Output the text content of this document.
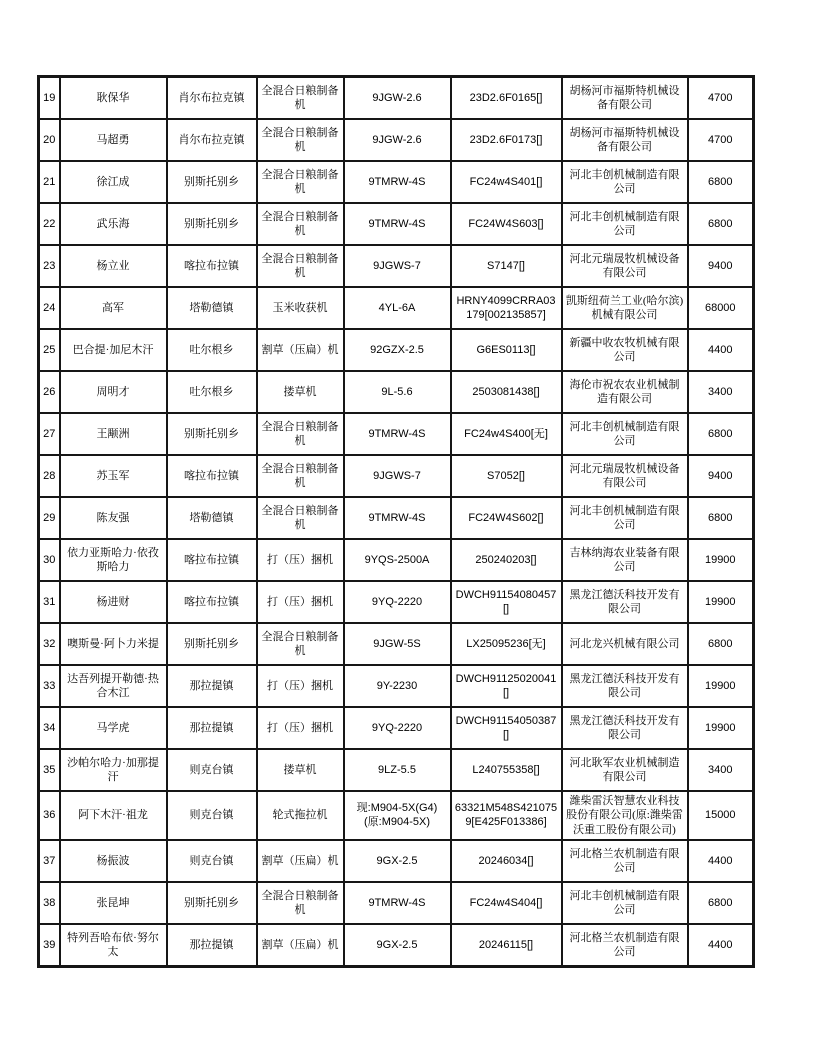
19	耿保华	肖尔布拉克镇	全混合日粮制备机	9JGW-2.6	23D2.6F0165[]	胡杨河市福斯特机械设备有限公司	4700
20	马超勇	肖尔布拉克镇	全混合日粮制备机	9JGW-2.6	23D2.6F0173[]	胡杨河市福斯特机械设备有限公司	4700
21	徐江成	别斯托别乡	全混合日粮制备机	9TMRW-4S	FC24w4S401[]	河北丰创机械制造有限公司	6800
22	武乐海	别斯托别乡	全混合日粮制备机	9TMRW-4S	FC24W4S603[]	河北丰创机械制造有限公司	6800
23	杨立业	喀拉布拉镇	全混合日粮制备机	9JGWS-7	S7147[]	河北元瑞晟牧机械设备有限公司	9400
24	高军	塔勒德镇	玉米收获机	4YL-6A	HRNY4099CRRA03179[002135857]	凯斯纽荷兰工业(哈尔滨)机械有限公司	68000
25	巴合提·加尼木汗	吐尔根乡	割草（压扁）机	92GZX-2.5	G6ES0113[]	新疆中收农牧机械有限公司	4400
26	周明才	吐尔根乡	搂草机	9L-5.6	2503081438[]	海伦市祝农农业机械制造有限公司	3400
27	王颙洲	别斯托别乡	全混合日粮制备机	9TMRW-4S	FC24w4S400[无]	河北丰创机械制造有限公司	6800
28	苏玉军	喀拉布拉镇	全混合日粮制备机	9JGWS-7	S7052[]	河北元瑞晟牧机械设备有限公司	9400
29	陈友强	塔勒德镇	全混合日粮制备机	9TMRW-4S	FC24W4S602[]	河北丰创机械制造有限公司	6800
30	依力亚斯哈力·依孜斯哈力	喀拉布拉镇	打（压）捆机	9YQS-2500A	250240203[]	吉林纳海农业装备有限公司	19900
31	杨进财	喀拉布拉镇	打（压）捆机	9YQ-2220	DWCH91154080457[]	黑龙江德沃科技开发有限公司	19900
32	噢斯曼·阿卜力米提	别斯托别乡	全混合日粮制备机	9JGW-5S	LX25095236[无]	河北龙兴机械有限公司	6800
33	达吾列提开勒德·热合木江	那拉提镇	打（压）捆机	9Y-2230	DWCH91125020041[]	黑龙江德沃科技开发有限公司	19900
34	马学虎	那拉提镇	打（压）捆机	9YQ-2220	DWCH91154050387[]	黑龙江德沃科技开发有限公司	19900
35	沙帕尔哈力·加那提汗	则克台镇	搂草机	9LZ-5.5	L240755358[]	河北耿军农业机械制造有限公司	3400
36	阿下木汗·祖龙	则克台镇	轮式拖拉机	现:M904-5X(G4) (原:M904-5X)	63321M548S4210759[E425F013386]	潍柴雷沃智慧农业科技股份有限公司(原:潍柴雷沃重工股份有限公司)	15000
37	杨振波	则克台镇	割草（压扁）机	9GX-2.5	20246034[]	河北格兰农机制造有限公司	4400
38	张昆坤	别斯托别乡	全混合日粮制备机	9TMRW-4S	FC24w4S404[]	河北丰创机械制造有限公司	6800
39	特列吾哈布依·努尔太	那拉提镇	割草（压扁）机	9GX-2.5	20246115[]	河北格兰农机制造有限公司	4400
